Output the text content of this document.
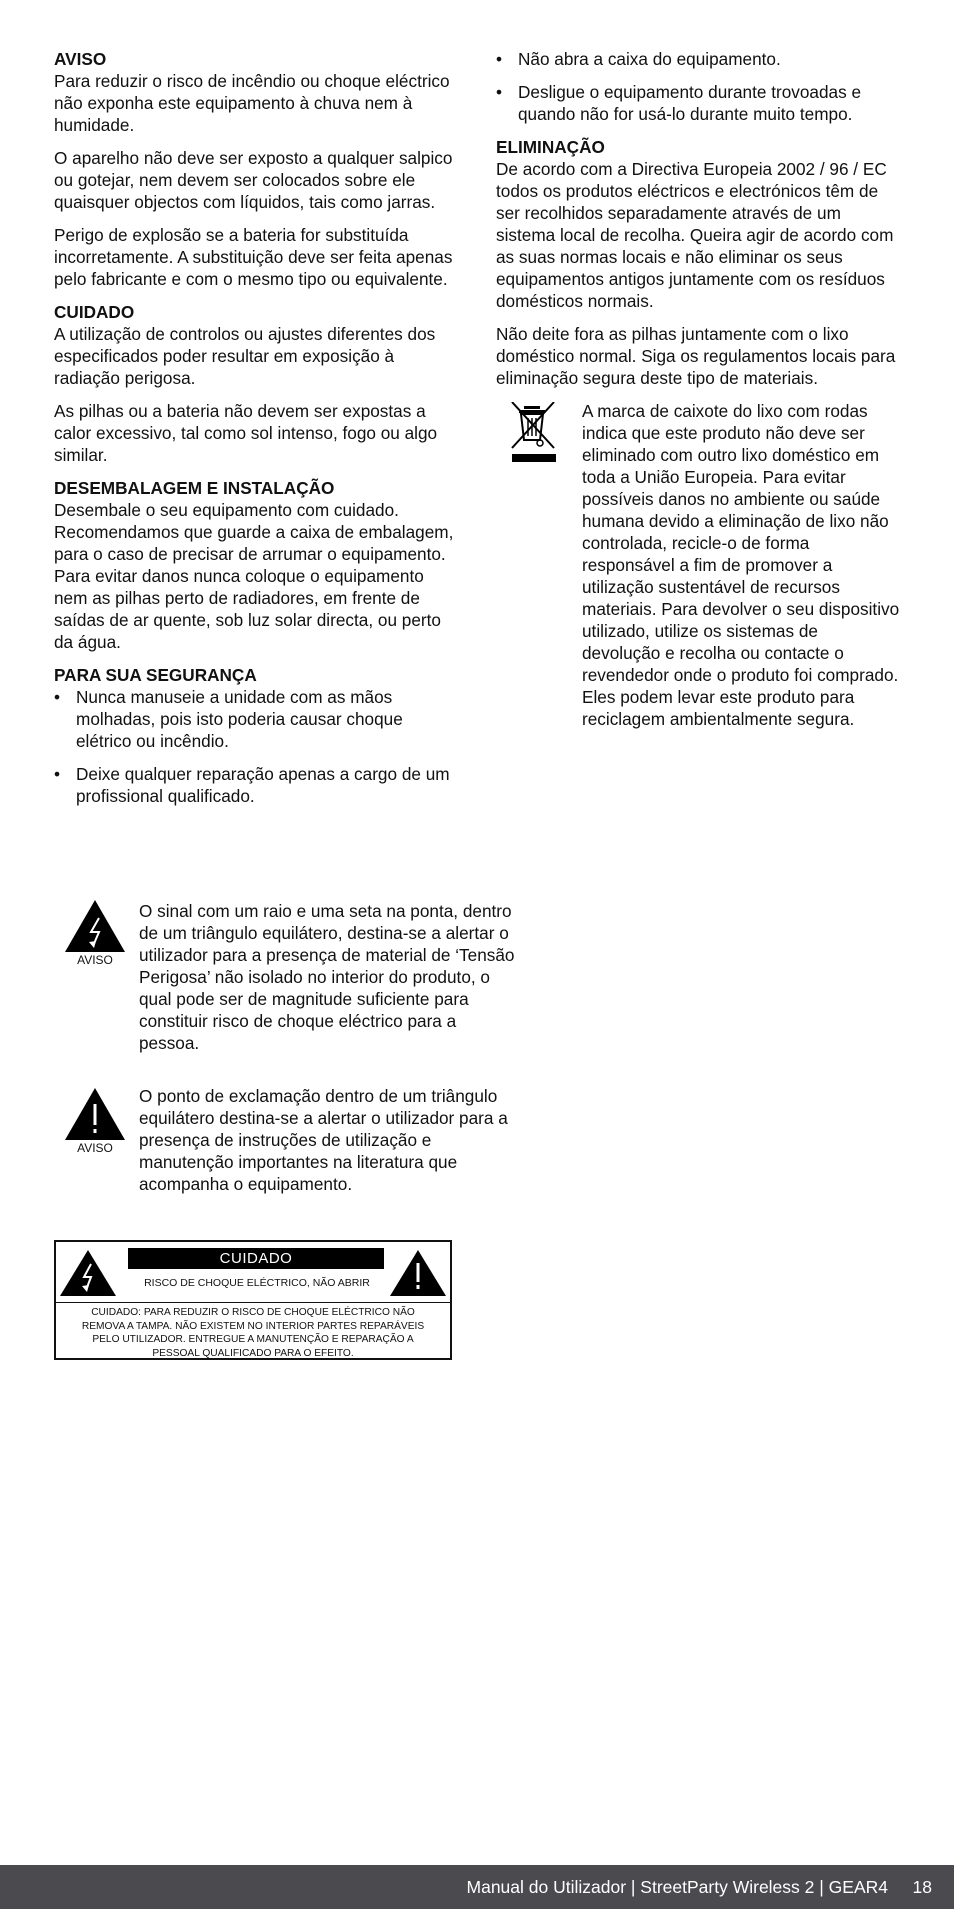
AVISO

Para reduzir o risco de incêndio ou choque eléctrico não exponha este equipamento à chuva nem à humidade.

O aparelho não deve ser exposto a qualquer salpico ou gotejar, nem devem ser colocados sobre ele quaisquer objectos com líquidos, tais como jarras.

Perigo de explosão se a bateria for substituída incorretamente. A substituição deve ser feita apenas pelo fabricante e com o mesmo tipo ou equivalente.

CUIDADO

A utilização de controlos ou ajustes diferentes dos especificados poder resultar em exposição à radiação perigosa.

As pilhas ou a bateria não devem ser expostas a calor excessivo, tal como sol intenso, fogo ou algo similar.

DESEMBALAGEM E INSTALAÇÃO

Desembale o seu equipamento com cuidado. Recomendamos que guarde a caixa de embalagem, para o caso de precisar de arrumar o equipamento. Para evitar danos nunca coloque o equipamento nem as pilhas perto de radiadores, em frente de saídas de ar quente, sob luz solar directa, ou perto da água.

PARA SUA SEGURANÇA
• Nunca manuseie a unidade com as mãos molhadas, pois isto poderia causar choque elétrico ou incêndio.
• Deixe qualquer reparação apenas a cargo de um profissional qualificado.
AVISO
O sinal com um raio e uma seta na ponta, dentro de um triângulo equilátero, destina-se a alertar o utilizador para a presença de material de ‘Tensão Perigosa’ não isolado no interior do produto, o qual pode ser de magnitude suficiente para constituir risco de choque eléctrico para a pessoa.
AVISO
O ponto de exclamação dentro de um triângulo equilátero destina-se a alertar o utilizador para a presença de instruções de utilização e manutenção importantes na literatura que acompanha o equipamento.
CUIDADO
RISCO DE CHOQUE ELÉCTRICO, NÃO ABRIR
CUIDADO: PARA REDUZIR O RISCO DE CHOQUE ELÉCTRICO NÃO REMOVA A TAMPA. NÃO EXISTEM NO INTERIOR PARTES REPARÁVEIS PELO UTILIZADOR. ENTREGUE A MANUTENÇÃO E REPARAÇÃO A PESSOAL QUALIFICADO PARA O EFEITO.
• Não abra a caixa do equipamento.
• Desligue o equipamento durante trovoadas e quando não for usá-lo durante muito tempo.
ELIMINAÇÃO

De acordo com a Directiva Europeia 2002 / 96 / EC todos os produtos eléctricos e electrónicos têm de ser recolhidos separadamente através de um sistema local de recolha. Queira agir de acordo com as suas normas locais e não eliminar os seus equipamentos antigos juntamente com os resíduos domésticos normais.

Não deite fora as pilhas juntamente com o lixo doméstico normal. Siga os regulamentos locais para eliminação segura deste tipo de materiais.

A marca de caixote do lixo com rodas indica que este produto não deve ser eliminado com outro lixo doméstico em toda a União Europeia. Para evitar possíveis danos no ambiente ou saúde humana devido a eliminação de lixo não controlada, recicle-o de forma responsável a fim de promover a utilização sustentável de recursos materiais. Para devolver o seu dispositivo utilizado, utilize os sistemas de devolução e recolha ou contacte o revendedor onde o produto foi comprado. Eles podem levar este produto para reciclagem ambientalmente segura.

Manual do Utilizador | StreetParty Wireless 2 | GEAR4 18
